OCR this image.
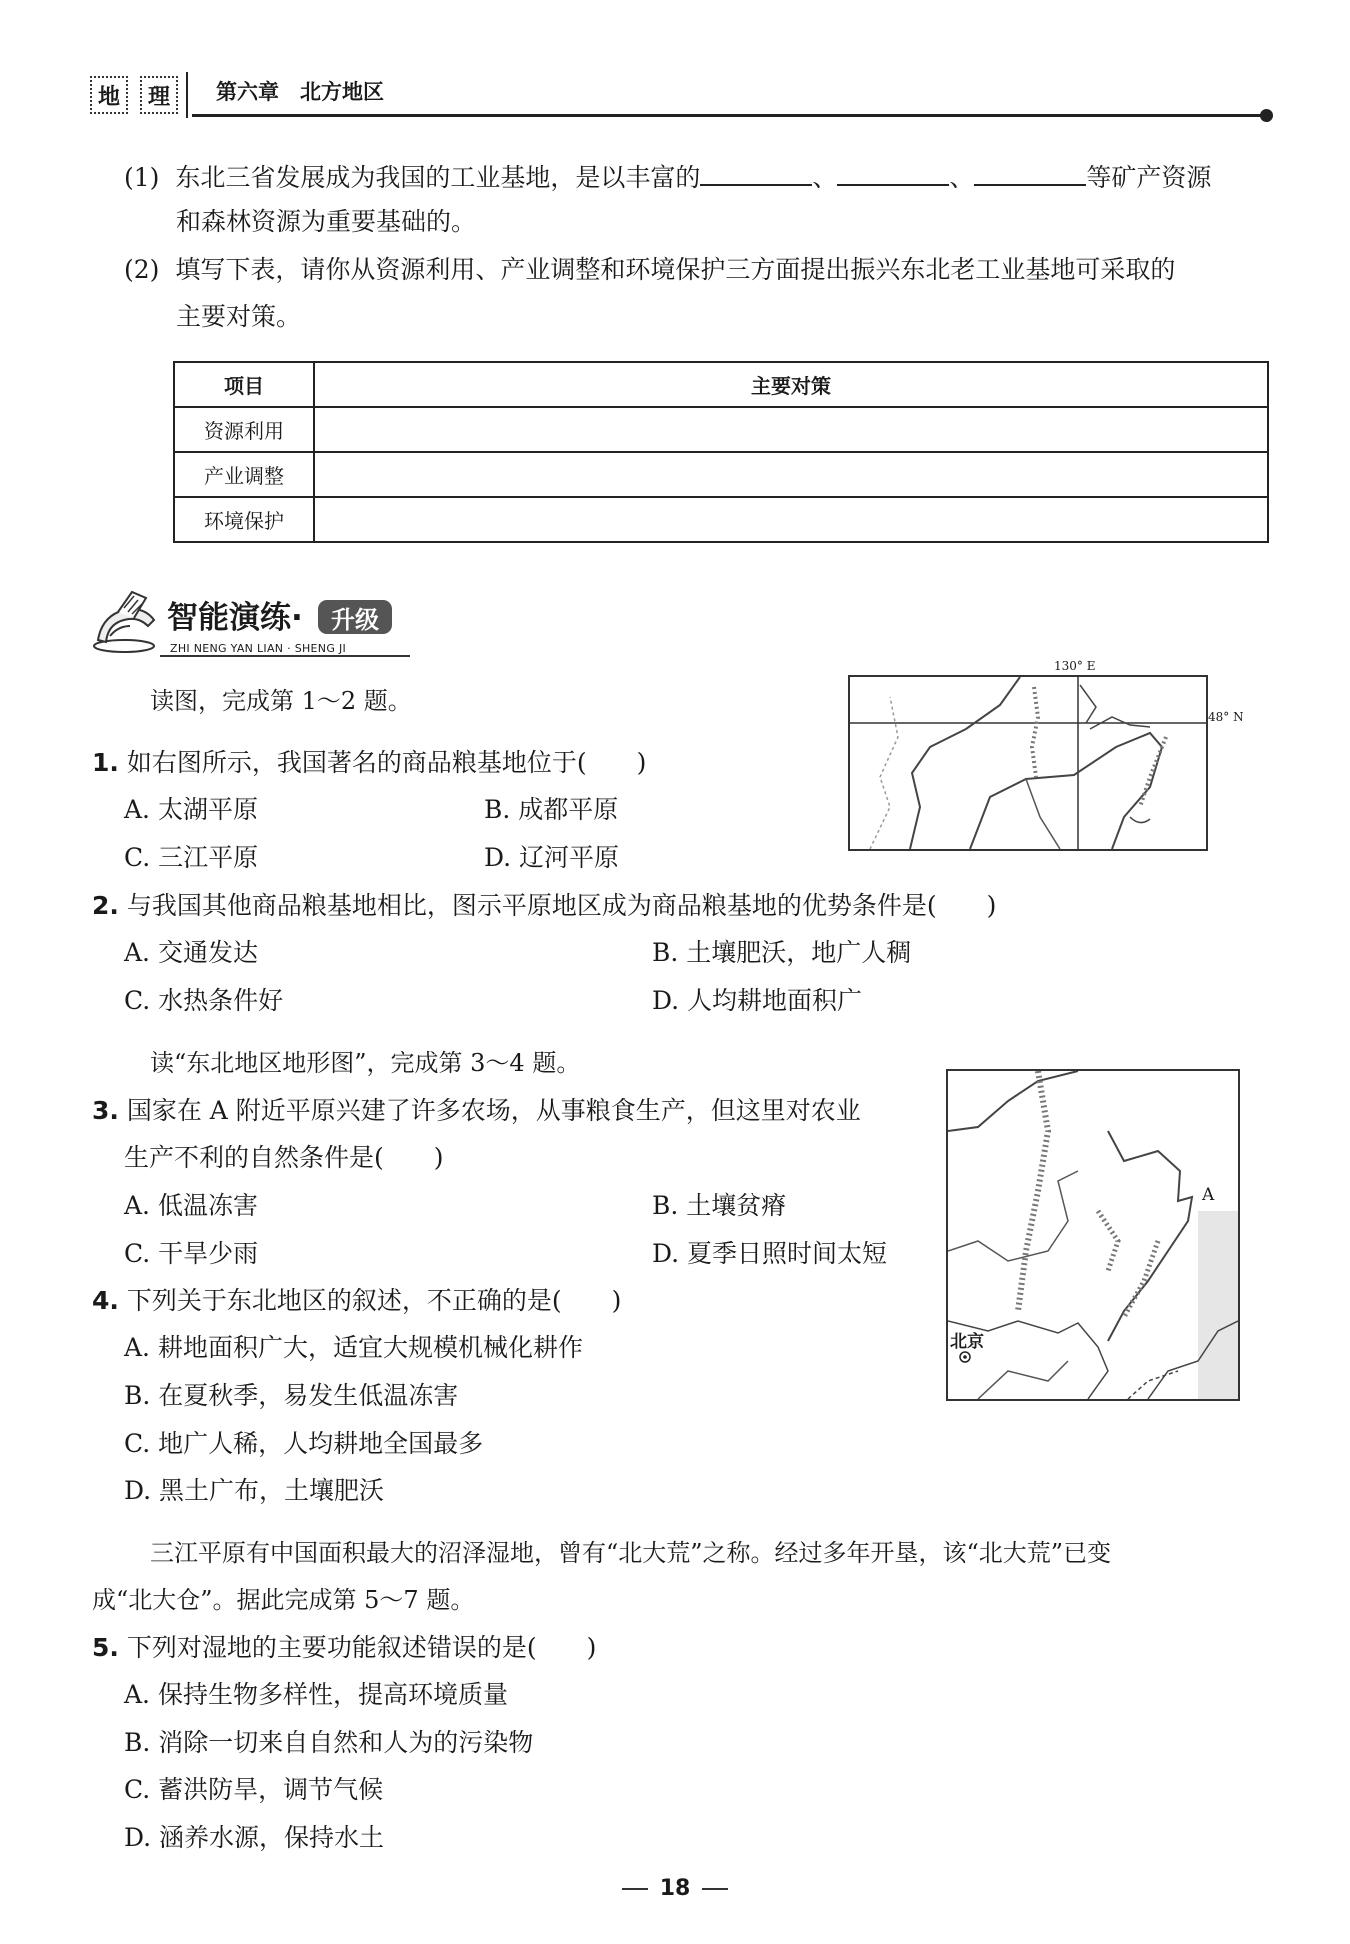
地	理	第六章　北方地区
(1) 东北三省发展成为我国的工业基地，是以丰富的	、	、	等矿产资源
和森林资源为重要基础的。
(2) 填写下表，请你从资源利用、产业调整和环境保护三方面提出振兴东北老工业基地可采取的
主要对策。
项目	主要对策
资源利用	
产业调整	
环境保护	
智能演练·	升级
ZHI NENG YAN LIAN · SHENG JI
130° E
48° N
读图，完成第 1～2 题。
1. 如右图所示，我国著名的商品粮基地位于(　　)
A. 太湖平原	B. 成都平原
C. 三江平原	D. 辽河平原
2. 与我国其他商品粮基地相比，图示平原地区成为商品粮基地的优势条件是(　　)
A. 交通发达	B. 土壤肥沃，地广人稠
C. 水热条件好	D. 人均耕地面积广
A
北京
读“东北地区地形图”，完成第 3～4 题。
3. 国家在 A 附近平原兴建了许多农场，从事粮食生产，但这里对农业
生产不利的自然条件是(　　)
A. 低温冻害	B. 土壤贫瘠
C. 干旱少雨	D. 夏季日照时间太短
4. 下列关于东北地区的叙述，不正确的是(　　)
A. 耕地面积广大，适宜大规模机械化耕作
B. 在夏秋季，易发生低温冻害
C. 地广人稀，人均耕地全国最多
D. 黑土广布，土壤肥沃
三江平原有中国面积最大的沼泽湿地，曾有“北大荒”之称。经过多年开垦，该“北大荒”已变
成“北大仓”。据此完成第 5～7 题。
5. 下列对湿地的主要功能叙述错误的是(　　)
A. 保持生物多样性，提高环境质量
B. 消除一切来自自然和人为的污染物
C. 蓄洪防旱，调节气候
D. 涵养水源，保持水土
18
